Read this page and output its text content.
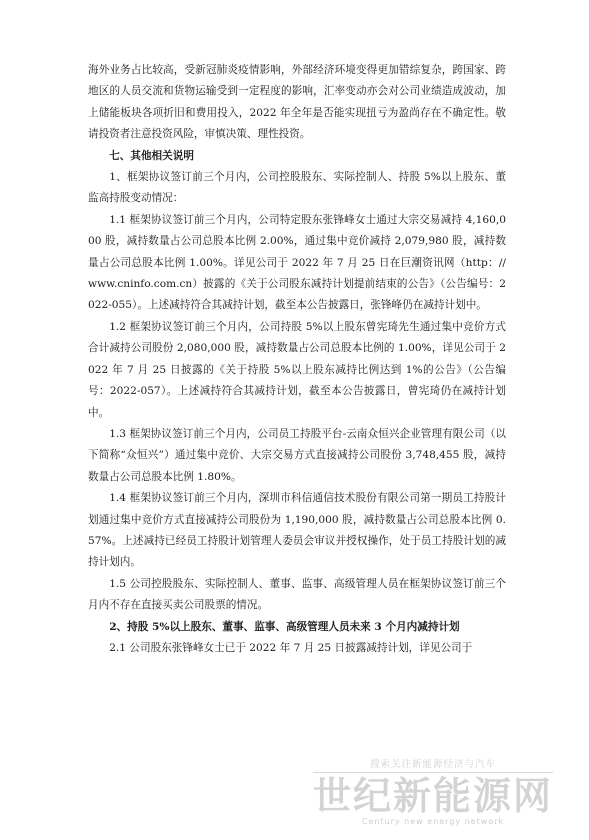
海外业务占比较高，受新冠肺炎疫情影响，外部经济环境变得更加错综复杂，跨国家、跨地区的人员交流和货物运输受到一定程度的影响，汇率变动亦会对公司业绩造成波动，加上储能板块各项折旧和费用投入，2022 年全年是否能实现扭亏为盈尚存在不确定性。敬请投资者注意投资风险，审慎决策、理性投资。

七、其他相关说明

1、框架协议签订前三个月内，公司控股股东、实际控制人、持股 5%以上股东、董监高持股变动情况：

1.1 框架协议签订前三个月内，公司特定股东张锋峰女士通过大宗交易减持 4,160,000 股，减持数量占公司总股本比例 2.00%，通过集中竞价减持 2,079,980 股，减持数量占公司总股本比例 1.00%。详见公司于 2022 年 7 月 25 日在巨潮资讯网（http：//www.cninfo.com.cn）披露的《关于公司股东减持计划提前结束的公告》（公告编号：2022-055）。上述减持符合其减持计划，截至本公告披露日，张锋峰仍在减持计划中。

1.2 框架协议签订前三个月内，公司持股 5%以上股东曾宪琦先生通过集中竞价方式合计减持公司股份 2,080,000 股，减持数量占公司总股本比例的 1.00%，详见公司于 2022 年 7 月 25 日披露的《关于持股 5%以上股东减持比例达到 1%的公告》（公告编号：2022-057）。上述减持符合其减持计划，截至本公告披露日，曾宪琦仍在减持计划中。

1.3 框架协议签订前三个月内，公司员工持股平台-云南众恒兴企业管理有限公司（以下简称“众恒兴”）通过集中竞价、大宗交易方式直接减持公司股份 3,748,455 股，减持数量占公司总股本比例 1.80%。

1.4 框架协议签订前三个月内，深圳市科信通信技术股份有限公司第一期员工持股计划通过集中竞价方式直接减持公司股份为 1,190,000 股，减持数量占公司总股本比例 0.57%。上述减持已经员工持股计划管理人委员会审议并授权操作，处于员工持股计划的减持计划内。

1.5 公司控股股东、实际控制人、董事、监事、高级管理人员在框架协议签订前三个月内不存在直接买卖公司股票的情况。

2、持股 5%以上股东、董事、监事、高级管理人员未来 3 个月内减持计划

2.1 公司股东张锋峰女士已于 2022 年 7 月 25 日披露减持计划，详见公司于

搜索关注新能源经济与汽车
世纪新能源网
Century new energy network
